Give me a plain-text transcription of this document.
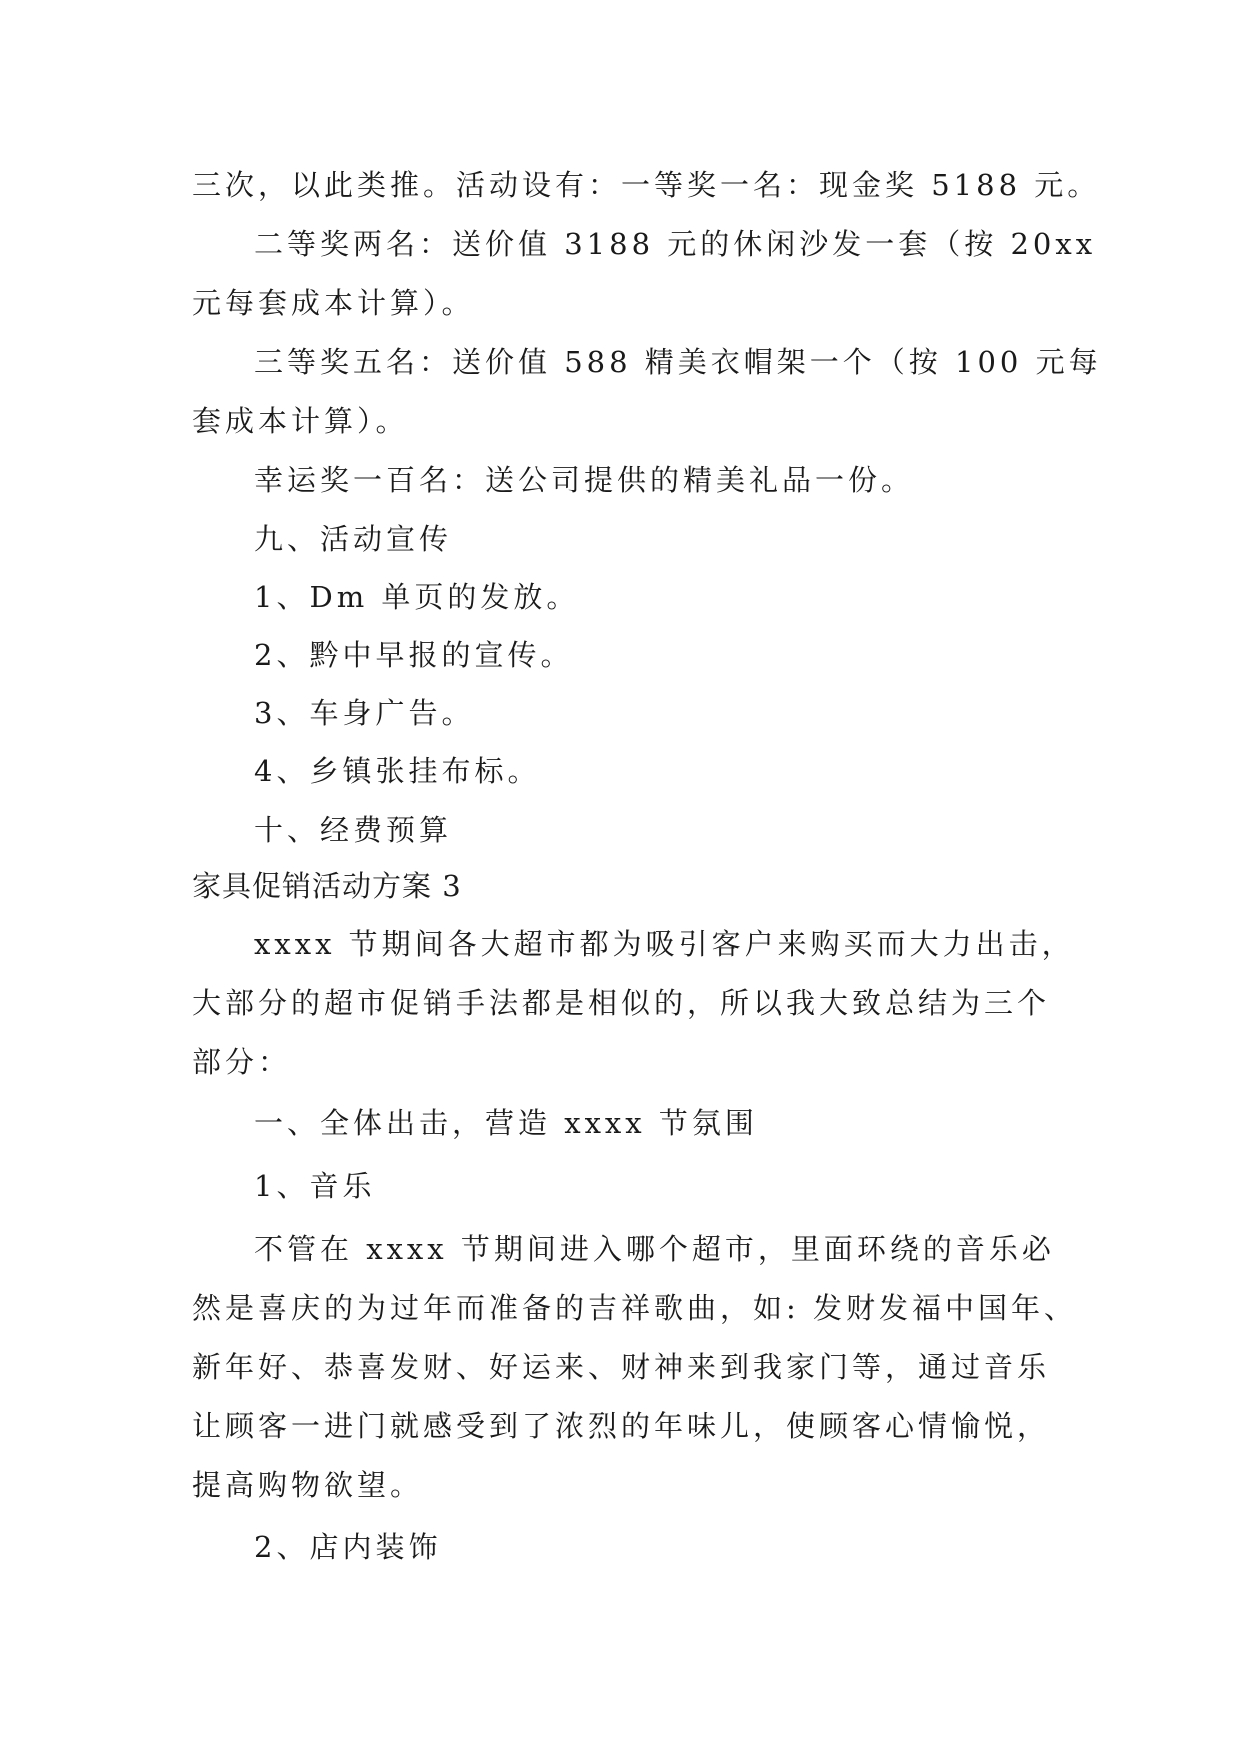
三次，以此类推。活动设有：一等奖一名：现金奖 5188 元。

二等奖两名：送价值 3188 元的休闲沙发一套（按 20xx

元每套成本计算）。

三等奖五名：送价值 588 精美衣帽架一个（按 100 元每

套成本计算）。

幸运奖一百名：送公司提供的精美礼品一份。

九、活动宣传

1、Dm 单页的发放。

2、黔中早报的宣传。

3、车身广告。

4、乡镇张挂布标。

十、经费预算

家具促销活动方案 3

xxxx 节期间各大超市都为吸引客户来购买而大力出击，

大部分的超市促销手法都是相似的，所以我大致总结为三个

部分：

一、全体出击，营造 xxxx 节氛围

1、音乐

不管在 xxxx 节期间进入哪个超市，里面环绕的音乐必

然是喜庆的为过年而准备的吉祥歌曲，如: 发财发福中国年、

新年好、恭喜发财、好运来、财神来到我家门等，通过音乐

让顾客一进门就感受到了浓烈的年味儿，使顾客心情愉悦，

提高购物欲望。

2、店内装饰
